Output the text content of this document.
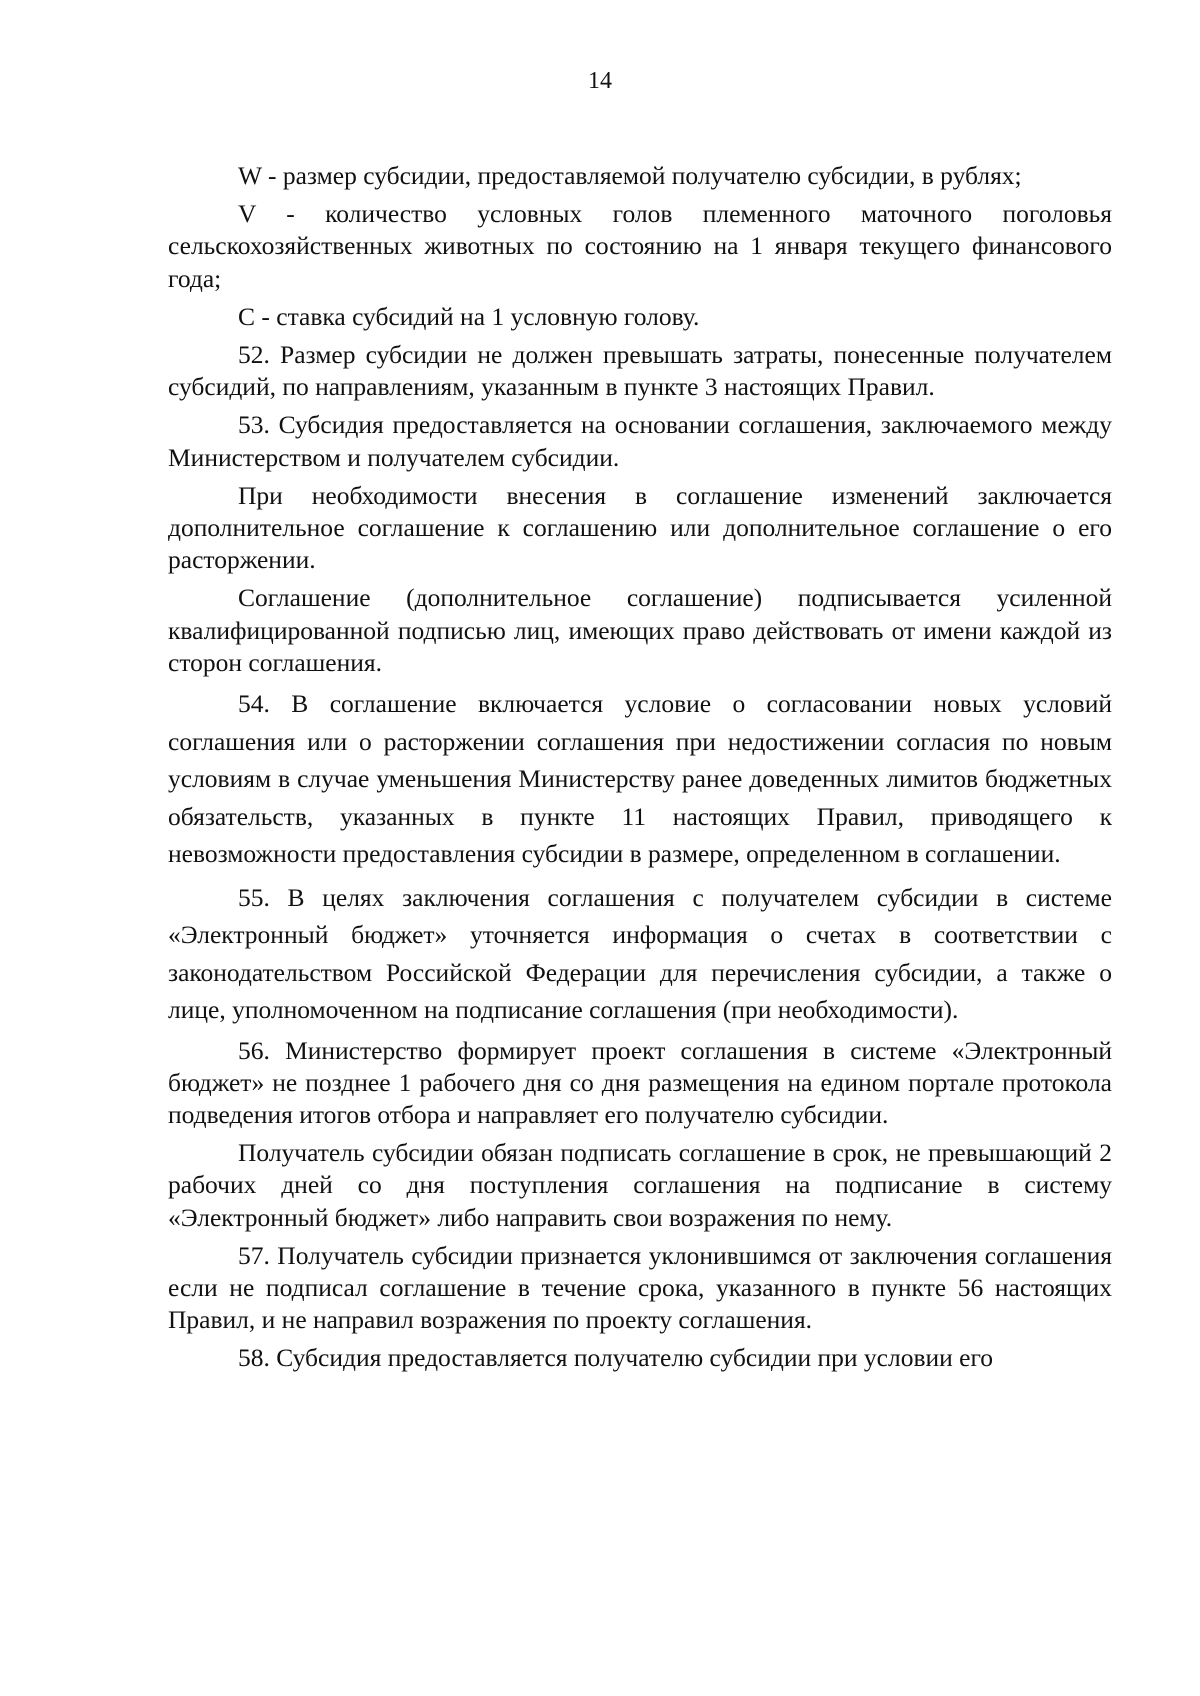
14

W - размер субсидии, предоставляемой получателю субсидии, в рублях;

V - количество условных голов племенного маточного поголовья сельскохозяйственных животных по состоянию на 1 января текущего финансового года;

C - ставка субсидий на 1 условную голову.

52. Размер субсидии не должен превышать затраты, понесенные получателем субсидий, по направлениям, указанным в пункте 3 настоящих Правил.

53. Субсидия предоставляется на основании соглашения, заключаемого между Министерством и получателем субсидии.

При необходимости внесения в соглашение изменений заключается дополнительное соглашение к соглашению или дополнительное соглашение о его расторжении.

Соглашение (дополнительное соглашение) подписывается усиленной квалифицированной подписью лиц, имеющих право действовать от имени каждой из сторон соглашения.

54. В соглашение включается условие о согласовании новых условий соглашения или о расторжении соглашения при недостижении согласия по новым условиям в случае уменьшения Министерству ранее доведенных лимитов бюджетных обязательств, указанных в пункте 11 настоящих Правил, приводящего к невозможности предоставления субсидии в размере, определенном в соглашении.

55. В целях заключения соглашения с получателем субсидии в системе «Электронный бюджет» уточняется информация о счетах в соответствии с законодательством Российской Федерации для перечисления субсидии, а также о лице, уполномоченном на подписание соглашения (при необходимости).

56. Министерство формирует проект соглашения в системе «Электронный бюджет» не позднее 1 рабочего дня со дня размещения на едином портале протокола подведения итогов отбора и направляет его получателю субсидии.

Получатель субсидии обязан подписать соглашение в срок, не превышающий 2 рабочих дней со дня поступления соглашения на подписание в систему «Электронный бюджет» либо направить свои возражения по нему.

57. Получатель субсидии признается уклонившимся от заключения соглашения если не подписал соглашение в течение срока, указанного в пункте 56 настоящих Правил, и не направил возражения по проекту соглашения.

58. Субсидия предоставляется получателю субсидии при условии его
